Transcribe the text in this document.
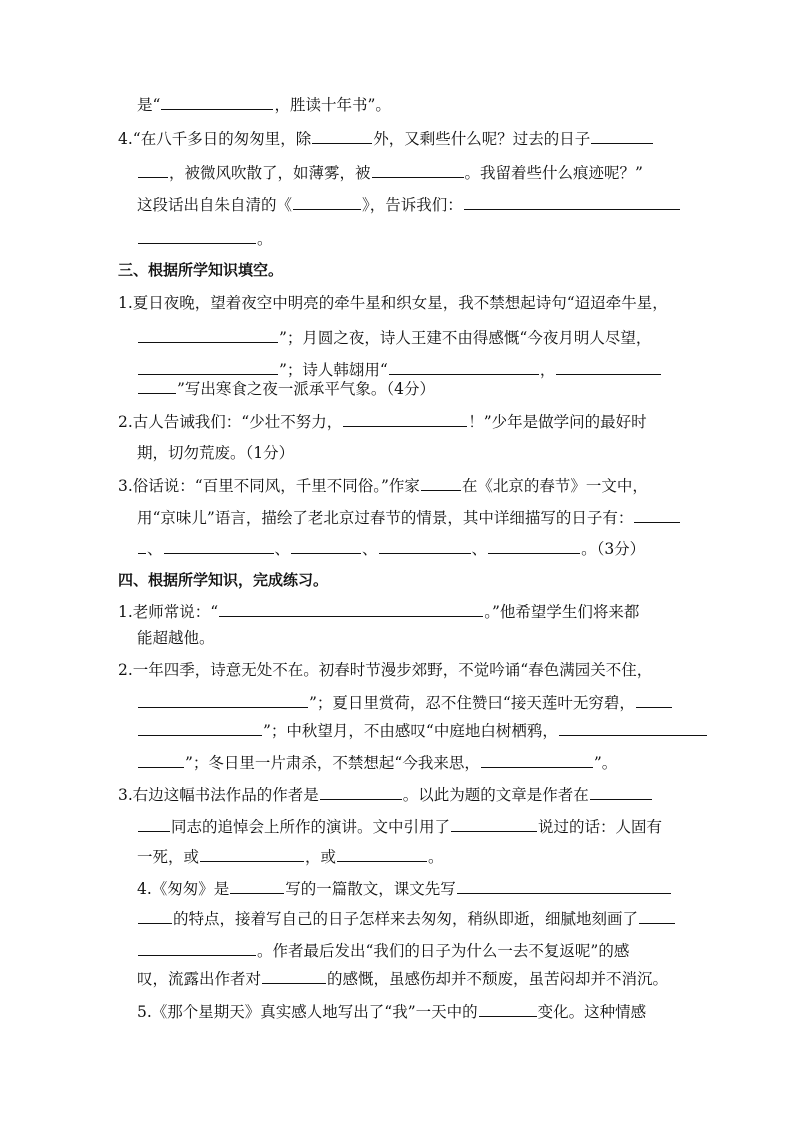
是“	，胜读十年书”。
4.“在八千多日的匆匆里，除	外，又剩些什么呢？过去的日子
，被微风吹散了，如薄雾，被	。我留着些什么痕迹呢？”
这段话出自朱自清的《	》，告诉我们：
。
三、根据所学知识填空。
1.夏日夜晚，望着夜空中明亮的牵牛星和织女星，我不禁想起诗句“迢迢牵牛星，
”；月圆之夜，诗人王建不由得感慨“今夜月明人尽望，
”；诗人韩翃用“	，
”写出寒食之夜一派承平气象。（4分）
2.古人告诫我们：“少壮不努力，	！”少年是做学问的最好时
期，切勿荒废。（1分）
3.俗话说：“百里不同风，千里不同俗。”作家	在《北京的春节》一文中，
用“京味儿”语言，描绘了老北京过春节的情景，其中详细描写的日子有：
、	、	、	、	。（3分）
四、根据所学知识，完成练习。
1.老师常说：“	。”他希望学生们将来都
能超越他。
2.一年四季，诗意无处不在。初春时节漫步郊野，不觉吟诵“春色满园关不住，
”；夏日里赏荷，忍不住赞曰“接天莲叶无穷碧，
”；中秋望月，不由感叹“中庭地白树栖鸦，
”；冬日里一片肃杀，不禁想起“今我来思，	”。
3.右边这幅书法作品的作者是	。以此为题的文章是作者在
同志的追悼会上所作的演讲。文中引用了	说过的话：人固有
一死，或	，或	。
4.《匆匆》是	写的一篇散文，课文先写
的特点，接着写自己的日子怎样来去匆匆，稍纵即逝，细腻地刻画了
。作者最后发出“我们的日子为什么一去不复返呢”的感
叹，流露出作者对	的感慨，虽感伤却并不颓废，虽苦闷却并不消沉。
5.《那个星期天》真实感人地写出了“我”一天中的	变化。这种情感
